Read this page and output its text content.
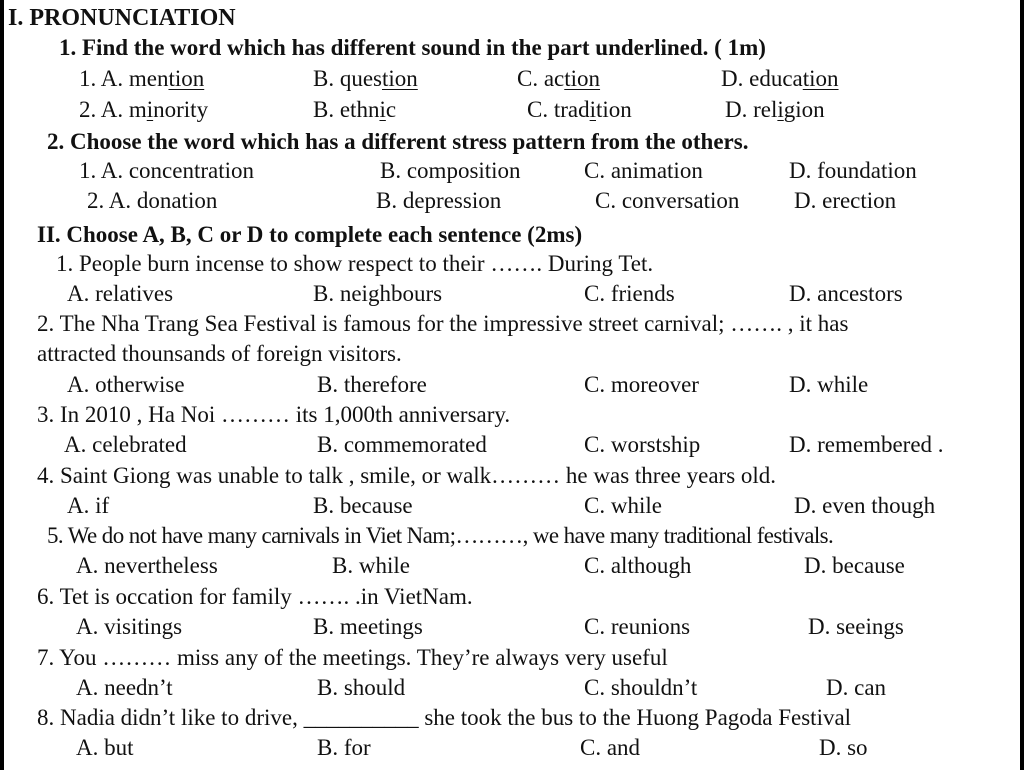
I. PRONUNCIATION
1. Find the word which has different sound in the part underlined. ( 1m)
1. A. mention	B. question	C. action	D. education
2. A. minority	B. ethnic	C. tradition	D. religion
2. Choose the word which has a different stress pattern from the others.
1. A. concentration	B. composition	C. animation	D. foundation
2. A. donation	B. depression	C. conversation D. erection
II. Choose A, B, C or D to complete each sentence (2ms)
1. People burn incense to show respect to their ……. During Tet.
A. relatives	B. neighbours	C. friends	D. ancestors
2. The Nha Trang Sea Festival is famous for the impressive street carnival; ……. , it has
attracted thounsands of foreign visitors.
A. otherwise	B. therefore	C. moreover	D. while
3. In 2010 , Ha Noi ……… its 1,000th anniversary.
A. celebrated	B. commemorated	C. worstship	D. remembered .
4. Saint Giong was unable to talk , smile, or walk……… he was three years old.
A. if	B. because	C. while	D. even though
5. We do not have many carnivals in Viet Nam;………, we have many traditional festivals.
A. nevertheless	B. while	C. although	D. because
6. Tet is occation for family ……. .in VietNam.
A. visitings	B. meetings	C. reunions	D. seeings
7. You ……… miss any of the meetings. They’re always very useful
A. needn’t	B. should	C. shouldn’t	D. can
8. Nadia didn’t like to drive, __________ she took the bus to the Huong Pagoda Festival
A. but	B. for	C. and	D. so
